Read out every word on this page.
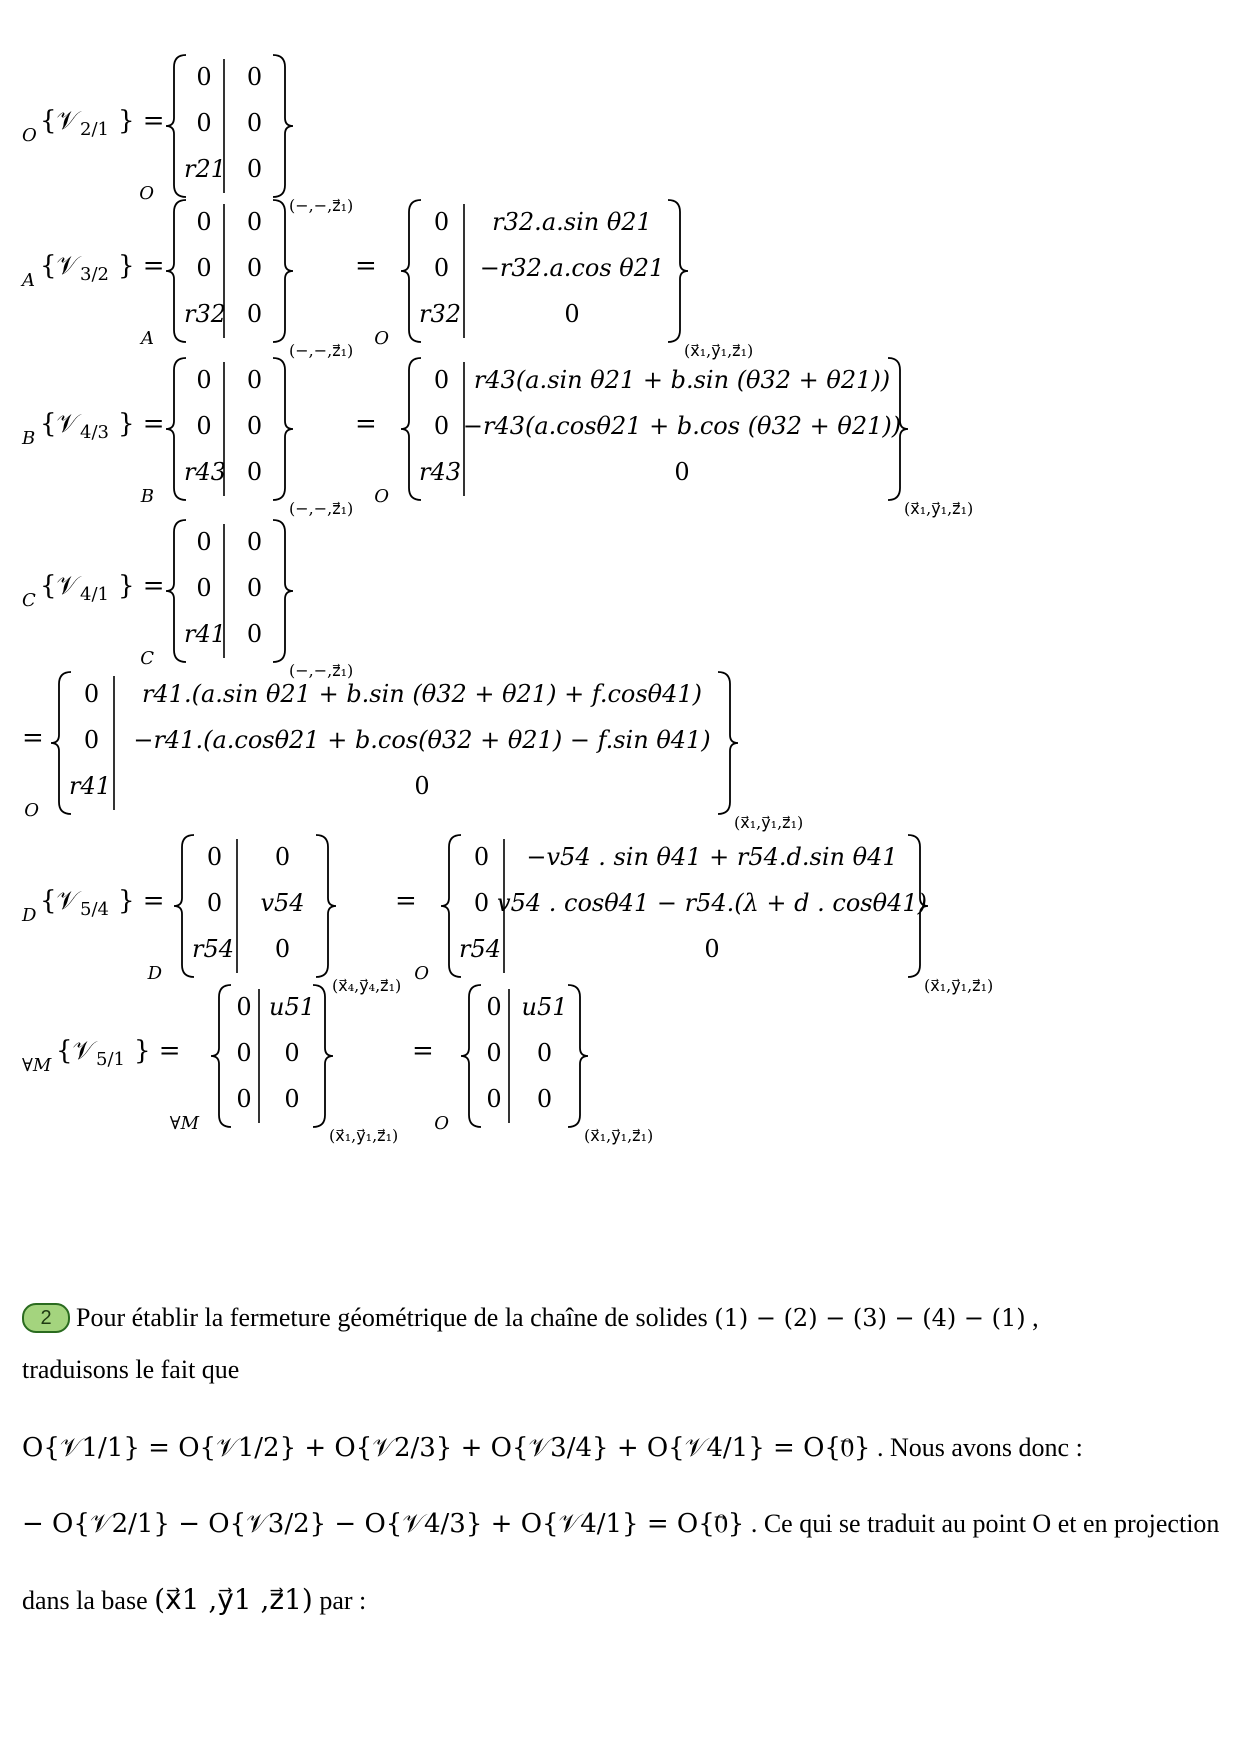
O {𝒱 2/1 } =
0 0
0 0
r21 0
O
(−,−,z⃗₁)
A {𝒱 3/2 } =
0 0
0 0
r32 0
A
(−,−,z⃗₁)
=
0 r32.a.sin θ21
0 −r32.a.cos θ21
r32	0
O
(x⃗₁,y⃗₁,z⃗₁)
B {𝒱 4/3 } =
0 0
0 0
r43 0
B
(−,−,z⃗₁)
=
0 r43(a.sin θ21 + b.sin (θ32 + θ21))
0 −r43(a.cosθ21 + b.cos (θ32 + θ21))
r43	0
O
(x⃗₁,y⃗₁,z⃗₁)
C {𝒱 4/1 } =
0 0
0 0
r41 0
C
(−,−,z⃗₁)
=
0 r41.(a.sin θ21 + b.sin (θ32 + θ21) + f.cosθ41)
0 −r41.(a.cosθ21 + b.cos(θ32 + θ21) − f.sin θ41)
r41	0
O
(x⃗₁,y⃗₁,z⃗₁)
D {𝒱 5/4 } =
0 0
0 v54
r54 0
D
(x⃗₄,y⃗₄,z⃗₁)
=
0 −v54 . sin θ41 + r54.d.sin θ41
0 v54 . cosθ41 − r54.(λ + d . cosθ41)
r54	0
O
(x⃗₁,y⃗₁,z⃗₁)
∀M {𝒱 5/1 } =
0 u51
0 0
0 0
∀M
(x⃗₁,y⃗₁,z⃗₁)
=
0 u51
0 0
0 0
O
(x⃗₁,y⃗₁,z⃗₁)
2 Pour établir la fermeture géométrique de la chaîne de solides (1) − (2) − (3) − (4) − (1) ,
traduisons le fait que
O{𝒱1/1} = O{𝒱1/2} + O{𝒱2/3} + O{𝒱3/4} + O{𝒱4/1} = O{0⃗} . Nous avons donc :
− O{𝒱2/1} − O{𝒱3/2} − O{𝒱4/3} + O{𝒱4/1} = O{0⃗} . Ce qui se traduit au point O et en projection
dans la base (x⃗1 ,y⃗1 ,z⃗1) par :
